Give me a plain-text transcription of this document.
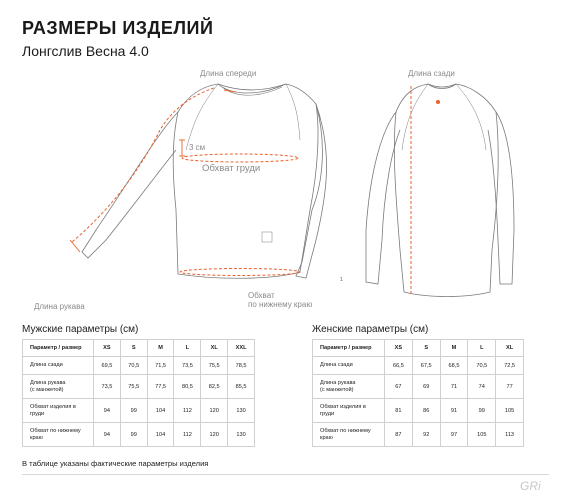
РАЗМЕРЫ ИЗДЕЛИЙ
Лонгслив Весна 4.0
Длина спереди	Длина сзади
3 см
Обхват груди
Длина рукава
Обхват
по нижнему краю
1
Мужские параметры (см)
Параметр / размер	XS	S	M	L	XL	XXL
Длина сзади	69,5	70,5	71,5	73,5	75,5	78,5
Длина рукава
(с манжетой)	73,5	75,5	77,5	80,5	82,5	85,5
Обхват изделия в
груди	94	99	104	112	120	130
Обхват по нижнему
краю	94	99	104	112	120	130
Женские параметры (см)
Параметр / размер	XS	S	M	L	XL
Длина сзади	66,5	67,5	68,5	70,5	72,5
Длина рукава
(с манжетой)	67	69	71	74	77
Обхват изделия в
груди	81	86	91	99	105
Обхват по нижнему
краю	87	92	97	105	113
В таблице указаны фактические параметры изделия
GRi
